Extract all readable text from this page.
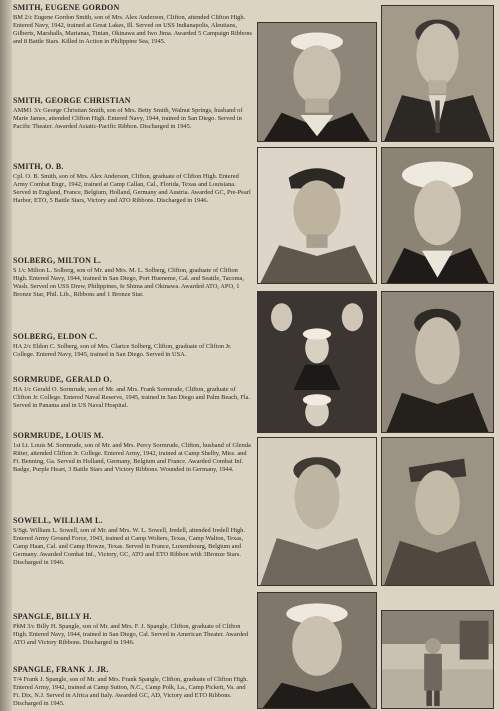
SMITH, EUGENE GORDON

BM 2/c Eugene Gordon Smith, son of Mrs. Alex Anderson, Clifton, attended Clifton High. Entered Navy, 1942, trained at Great Lakes, Ill. Served on USS Indianapolis, Aleutians, Gilberts, Marshalls, Marianas, Tinian, Okinawa and Iwo Jima. Awarded 5 Campaign Ribbons and 8 Battle Stars. Killed in Action in Philippine Sea, 1945.

SMITH, GEORGE CHRISTIAN

AMM1 3/c George Christian Smith, son of Mrs. Betty Smith, Walnut Springs, husband of Marie James, attended Clifton High. Entered Navy, 1944, trained in San Diego. Served in Pacific Theater. Awarded Asiatic-Pacific Ribbon. Discharged in 1945.

SMITH, O. B.

Cpl. O. B. Smith, son of Mrs. Alex Anderson, Clifton, graduate of Clifton High. Entered Army Combat Engr., 1942, trained at Camp Callan, Cal., Florida, Texas and Louisiana. Served in England, France, Belgium, Holland, Germany and Austria. Awarded GC, Pre-Pearl Harbor, ETO, 5 Battle Stars, Victory and ATO Ribbons. Discharged in 1946.

SOLBERG, MILTON L.

S 1/c Milton L. Solberg, son of Mr. and Mrs. M. L. Solberg, Clifton, graduate of Clifton High. Entered Navy, 1944, trained in San Diego, Port Hueneme, Cal. and Seattle, Tacoma, Wash. Served on USS Drew, Philippines, Ie Shima and Okinawa. Awarded ATO, APO, 1 Bronze Star, Phil. Lib., Ribbons and 1 Bronze Star.

SOLBERG, ELDON C.

HA 2/c Eldon C. Solberg, son of Mrs. Clarice Solberg, Clifton, graduate of Clifton Jr. College. Entered Navy, 1945, trained in San Diego. Served in USA.

SORMRUDE, GERALD O.

HA 1/c Gerald O. Sormrude, son of Mr. and Mrs. Frank Sormrude, Clifton, graduate of Clifton Jr. College. Entered Naval Reserve, 1945, trained in San Diego and Palm Beach, Fla. Served in Panama and in US Naval Hospital.

SORMRUDE, LOUIS M.

1st Lt. Louis M. Sormrude, son of Mr. and Mrs. Percy Sormrude, Clifton, husband of Glenda Ritter, attended Clifton Jr. College. Entered Army, 1942, trained at Camp Shelby, Miss. and Ft. Benning, Ga. Served in Holland, Germany, Belgium and France. Awarded Combat Inf. Badge, Purple Heart, 3 Battle Stars and Victory Ribbons. Wounded in Germany, 1944.

SOWELL, WILLIAM L.

S/Sgt. William L. Sowell, son of Mr. and Mrs. W. L. Sowell, Iredell, attended Iredell High. Entered Army Ground Force, 1943, trained at Camp Wolters, Texas, Camp Walton, Texas, Camp Haan, Cal. and Camp Howze, Texas. Served in France, Luxembourg, Belgium and Germany. Awarded Combat Inf., Victory, GC, ATO and ETO Ribbon with 3Bronze Stars. Discharged in 1946.

SPANGLE, BILLY H.

PhM 3/c Billy H. Spangle, son of Mr. and Mrs. F. J. Spangle, Clifton, graduate of Clifton High. Entered Navy, 1944, trained in San Diego, Cal. Served in American Theater. Awarded ATO and Victory Ribbons. Discharged in 1946.

SPANGLE, FRANK J. JR.

T/4 Frank J. Spangle, son of Mr. and Mrs. Frank Spangle, Clifton, graduate of Clifton High. Entered Army, 1942, trained at Camp Sutton, N.C., Camp Polk, La., Camp Pickett, Va. and Ft. Dix, N.J. Served in Africa and Italy. Awarded GC, AD, Victory and ETO Ribbons. Discharged in 1945.
